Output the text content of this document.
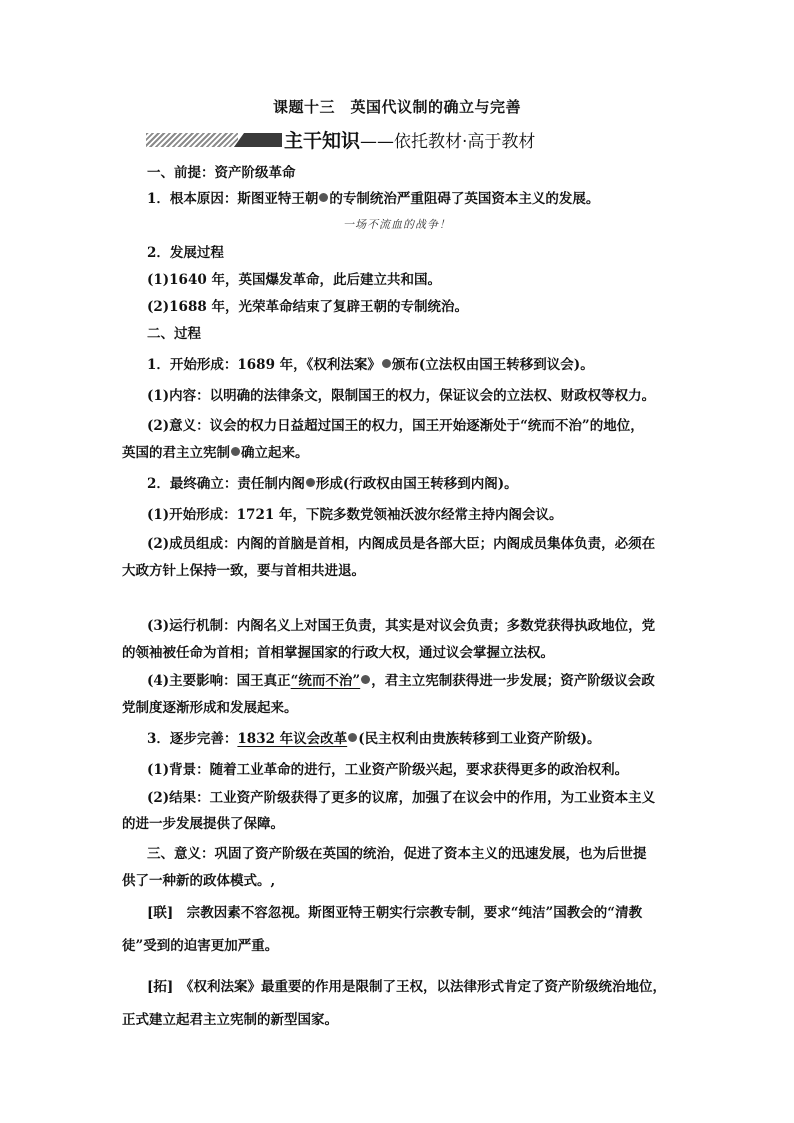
课题十三　英国代议制的确立与完善
主干知识——依托教材·高于教材
一、前提：资产阶级革命
1．根本原因：斯图亚特王朝 的专制统治严重阻碍了英国资本主义的发展。
一场不流血的战争！
2．发展过程
(1)1640 年，英国爆发革命，此后建立共和国。
(2)1688 年，光荣革命结束了复辟王朝的专制统治。
二、过程
1．开始形成：1689 年，《权利法案》 颁布(立法权由国王转移到议会)。
(1)内容：以明确的法律条文，限制国王的权力，保证议会的立法权、财政权等权力。
(2)意义：议会的权力日益超过国王的权力，国王开始逐渐处于“统而不治”的地位，
英国的君主立宪制 确立起来。
2．最终确立：责任制内阁 形成(行政权由国王转移到内阁)。
(1)开始形成：1721 年，下院多数党领袖沃波尔经常主持内阁会议。
(2)成员组成：内阁的首脑是首相，内阁成员是各部大臣；内阁成员集体负责，必须在
大政方针上保持一致，要与首相共进退。
(3)运行机制：内阁名义上对国王负责，其实是对议会负责；多数党获得执政地位，党
的领袖被任命为首相；首相掌握国家的行政大权，通过议会掌握立法权。
(4)主要影响：国王真正“统而不治” ，君主立宪制获得进一步发展；资产阶级议会政
党制度逐渐形成和发展起来。
3．逐步完善：1832 年议会改革 (民主权利由贵族转移到工业资产阶级)。
(1)背景：随着工业革命的进行，工业资产阶级兴起，要求获得更多的政治权利。
(2)结果：工业资产阶级获得了更多的议席，加强了在议会中的作用，为工业资本主义
的进一步发展提供了保障。
三、意义：巩固了资产阶级在英国的统治，促进了资本主义的迅速发展，也为后世提
供了一种新的政体模式。,
[联]　宗教因素不容忽视。斯图亚特王朝实行宗教专制，要求“纯洁”国教会的“清教
徒”受到的迫害更加严重。
[拓]　《权利法案》最重要的作用是限制了王权，以法律形式肯定了资产阶级统治地位，
正式建立起君主立宪制的新型国家。
